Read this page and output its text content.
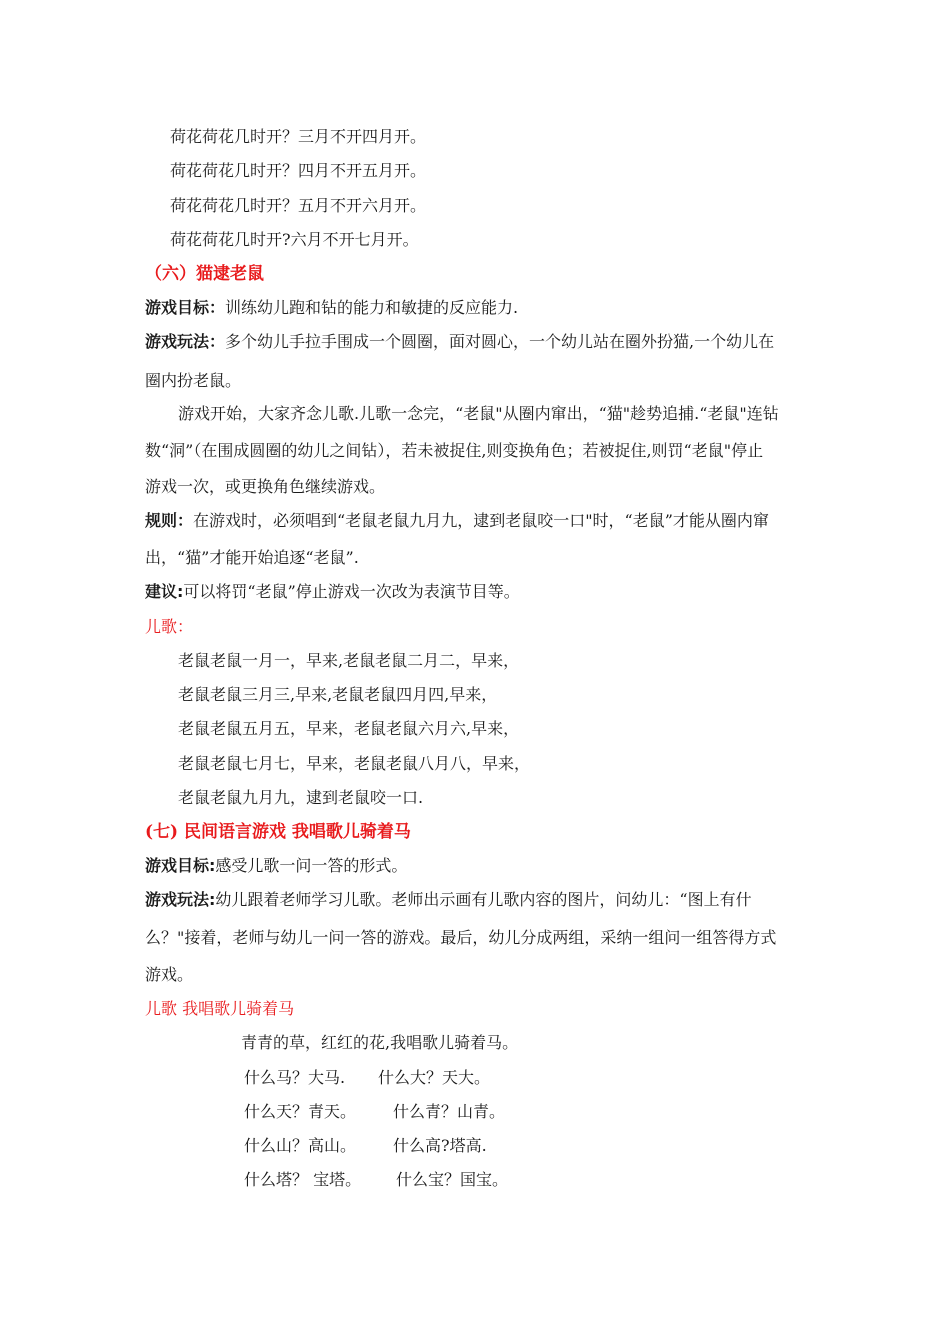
荷花荷花几时开？三月不开四月开。
荷花荷花几时开？四月不开五月开。
荷花荷花几时开？五月不开六月开。
荷花荷花几时开?六月不开七月开。
（六）猫逮老鼠
游戏目标：训练幼儿跑和钻的能力和敏捷的反应能力.
游戏玩法：多个幼儿手拉手围成一个圆圈，面对圆心，一个幼儿站在圈外扮猫,一个幼儿在
圈内扮老鼠。
游戏开始，大家齐念儿歌.儿歌一念完，“老鼠"从圈内窜出，“猫"趁势追捕.“老鼠"连钻
数“洞”（在围成圆圈的幼儿之间钻），若未被捉住,则变换角色；若被捉住,则罚“老鼠"停止
游戏一次，或更换角色继续游戏。
规则：在游戏时，必须唱到“老鼠老鼠九月九，逮到老鼠咬一口"时，“老鼠”才能从圈内窜
出，“猫”才能开始追逐“老鼠”.
建议:可以将罚“老鼠”停止游戏一次改为表演节目等。
儿歌：
老鼠老鼠一月一，早来,老鼠老鼠二月二，早来，
老鼠老鼠三月三,早来,老鼠老鼠四月四,早来，
老鼠老鼠五月五，早来，老鼠老鼠六月六,早来，
老鼠老鼠七月七，早来，老鼠老鼠八月八，早来，
老鼠老鼠九月九，逮到老鼠咬一口.
(七) 民间语言游戏 我唱歌儿骑着马
游戏目标:感受儿歌一问一答的形式。
游戏玩法:幼儿跟着老师学习儿歌。老师出示画有儿歌内容的图片，问幼儿：“图上有什
么？"接着，老师与幼儿一问一答的游戏。最后，幼儿分成两组，采纳一组问一组答得方式
游戏。
儿歌 我唱歌儿骑着马
青青的草，红红的花,我唱歌儿骑着马。
什么马？大马. 什么大？天大。
什么天？青天。 什么青？山青。
什么山？高山。 什么高?塔高.
什么塔？ 宝塔。 什么宝？国宝。
